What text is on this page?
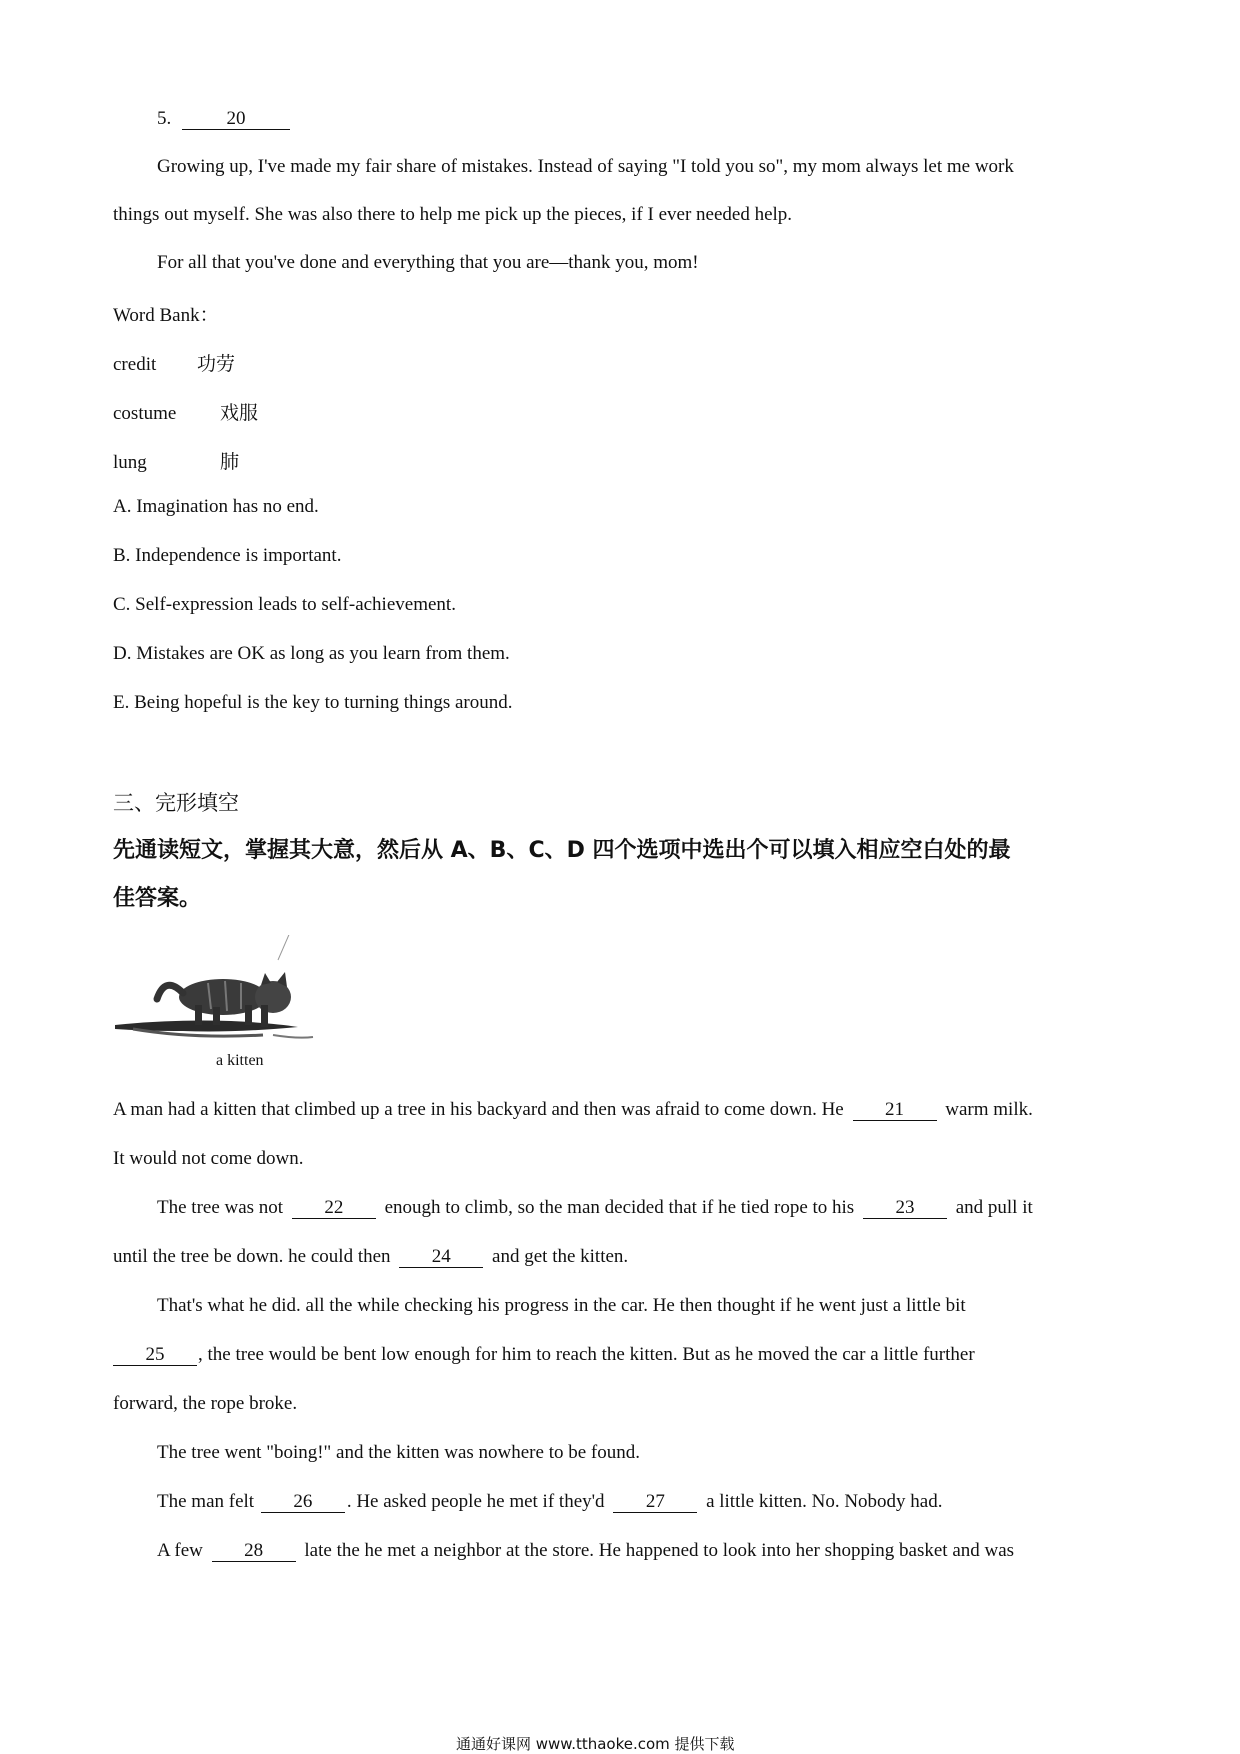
5.	20
Growing up, I've made my fair share of mistakes. Instead of saying "I told you so", my mom always let me work
things out myself. She was also there to help me pick up the pieces, if I ever needed help.
For all that you've done and everything that you are—thank you, mom!
Word Bank：
credit 功劳
costume 戏服
lung	肺
A. Imagination has no end.
B. Independence is important.
C. Self-expression leads to self-achievement.
D. Mistakes are OK as long as you learn from them.
E. Being hopeful is the key to turning things around.
三、完形填空
先通读短文，掌握其大意，然后从 A、B、C、D 四个选项中选出个可以填入相应空白处的最
佳答案。
a kitten
A man had a kitten that climbed up a tree in his backyard and then was afraid to come down. He 21 warm milk.
It would not come down.
The tree was not 22 enough to climb, so the man decided that if he tied rope to his 23 and pull it
until the tree be down. he could then 24 and get the kitten.
That's what he did. all the while checking his progress in the car. He then thought if he went just a little bit
25 , the tree would be bent low enough for him to reach the kitten. But as he moved the car a little further
forward, the rope broke.
The tree went "boing!" and the kitten was nowhere to be found.
The man felt 26 . He asked people he met if they'd 27 a little kitten. No. Nobody had.
A few 28 late the he met a neighbor at the store. He happened to look into her shopping basket and was
通通好课网 www.tthaoke.com 提供下载
